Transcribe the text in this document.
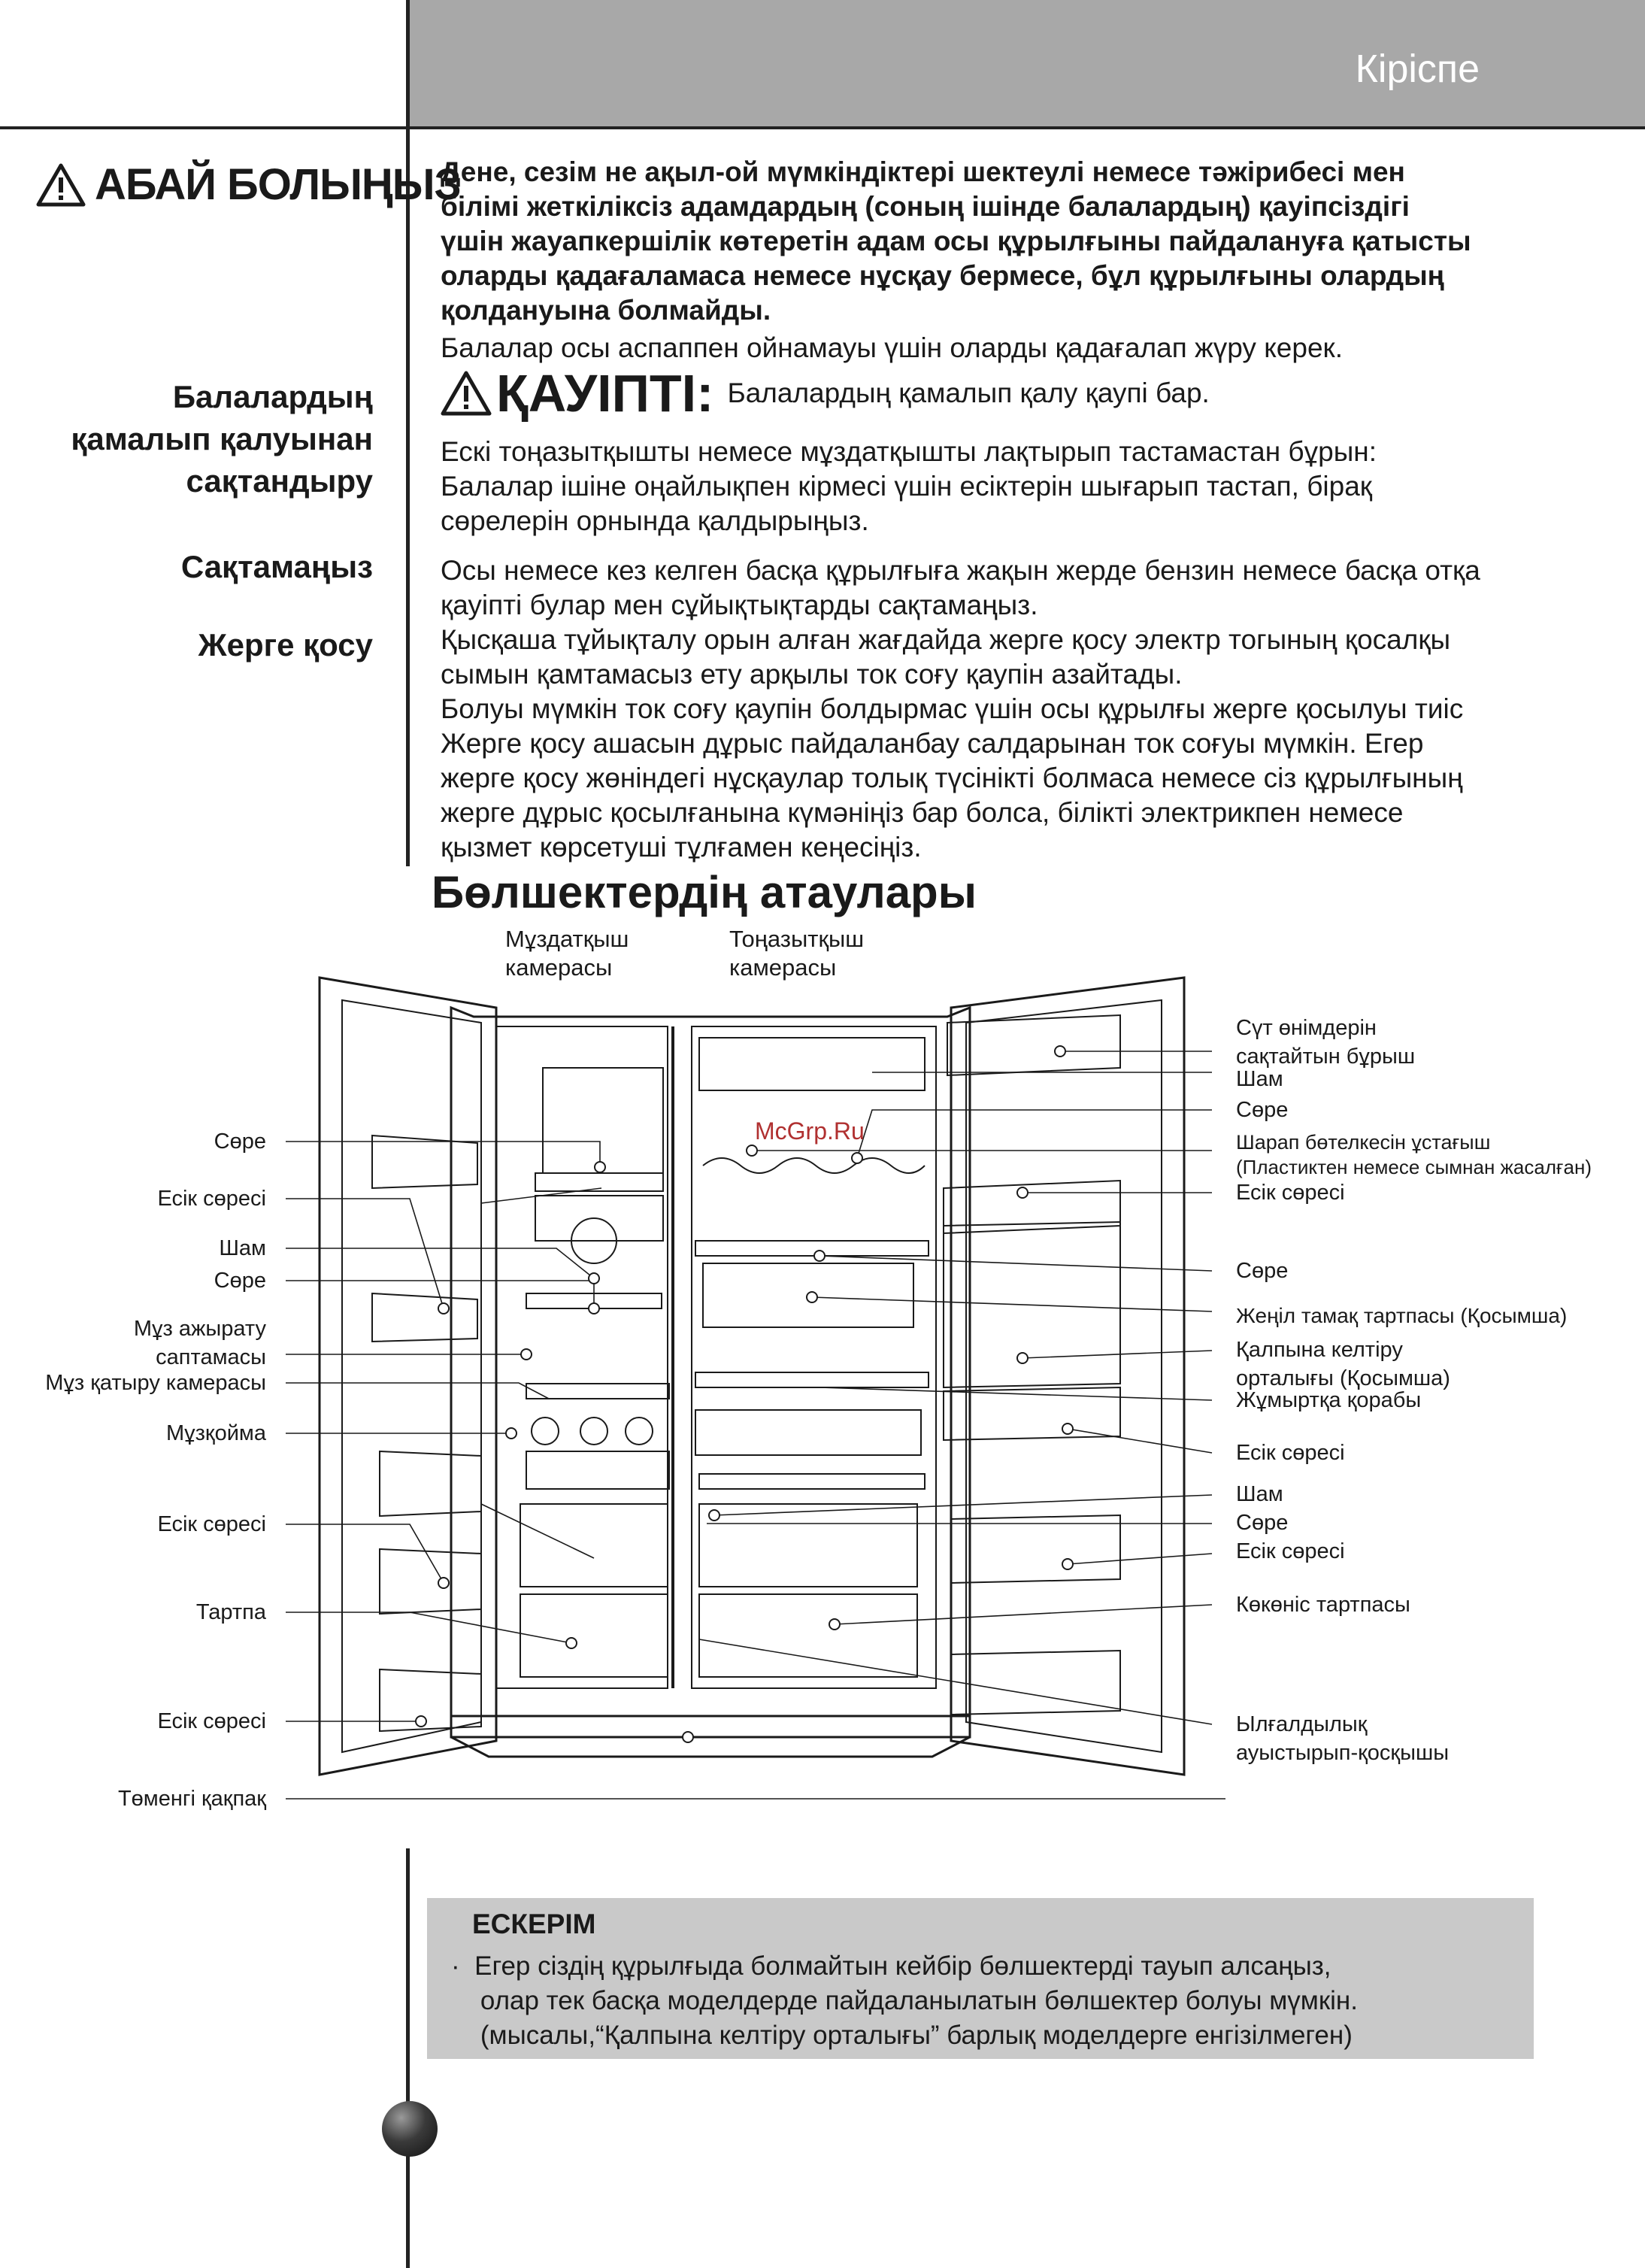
Кіріспе
АБАЙ БОЛЫҢЫЗ
Балалардың
қамалып қалуынан
сақтандыру
Сақтамаңыз
Жерге қосу
Дене, сезім не ақыл-ой мүмкіндіктері шектеулі немесе тәжірибесі мен
білімі жеткіліксіз адамдардың (соның ішінде балалардың) қауіпсіздігі
үшін жауапкершілік көтеретін адам осы құрылғыны пайдалануға қатысты
оларды қадағаламаса немесе нұсқау бермесе, бұл құрылғыны олардың
қолдануына болмайды.
Балалар осы аспаппен ойнамауы үшін оларды қадағалап жүру керек.
ҚАУІПТІ: Балалардың қамалып қалу қаупі бар.
Ескі тоңазытқышты немесе мұздатқышты лақтырып тастамастан бұрын:
Балалар ішіне оңайлықпен кірмесі үшін есіктерін шығарып тастап, бірақ
сөрелерін орнында қалдырыңыз.
Осы немесе кез келген басқа құрылғыға жақын жерде бензин немесе басқа отқа
қауіпті булар мен сұйықтықтарды сақтамаңыз.
Қысқаша тұйықталу орын алған жағдайда жерге қосу электр тогының қосалқы
сымын қамтамасыз ету арқылы ток соғу қаупін азайтады.
Болуы мүмкін ток соғу қаупін болдырмас үшін осы құрылғы жерге қосылуы тиіс
Жерге қосу ашасын дұрыс пайдаланбау салдарынан ток соғуы мүмкін. Егер
жерге қосу жөніндегі нұсқаулар толық түсінікті болмаса немесе сіз құрылғының
жерге дұрыс қосылғанына күмәніңіз бар болса, білікті электрикпен немесе
қызмет көрсетуші тұлғамен кеңесіңіз.
Бөлшектердің атаулары
Мұздатқыш
камерасы
Тоңазытқыш
камерасы
McGrp.Ru
Сөре
Есік сөресі
Шам
Сөре
Мұз ажырату
саптамасы
Мұз қатыру камерасы
Мұзқойма
Есік сөресі
Тартпа
Есік сөресі
Төменгі қақпақ
Сүт өнімдерін
сақтайтын бұрыш
Шам
Сөре
Шарап бөтелкесін ұстағыш
(Пластиктен немесе сымнан жасалған)
Есік сөресі
Сөре
Жеңіл тамақ тартпасы (Қосымша)
Қалпына келтіру
орталығы (Қосымша)
Жұмыртқа қорабы
Есік сөресі
Шам
Сөре
Есік сөресі
Көкөніс тартпасы
Ылғалдылық
ауыстырып-қосқышы
ЕСКЕРІМ
·  Егер сіздің құрылғыда болмайтын кейбір бөлшектерді тауып алсаңыз,
олар тек басқа моделдерде пайдаланылатын бөлшектер болуы мүмкін.
(мысалы,“Қалпына келтіру орталығы” барлық моделдерге енгізілмеген)
